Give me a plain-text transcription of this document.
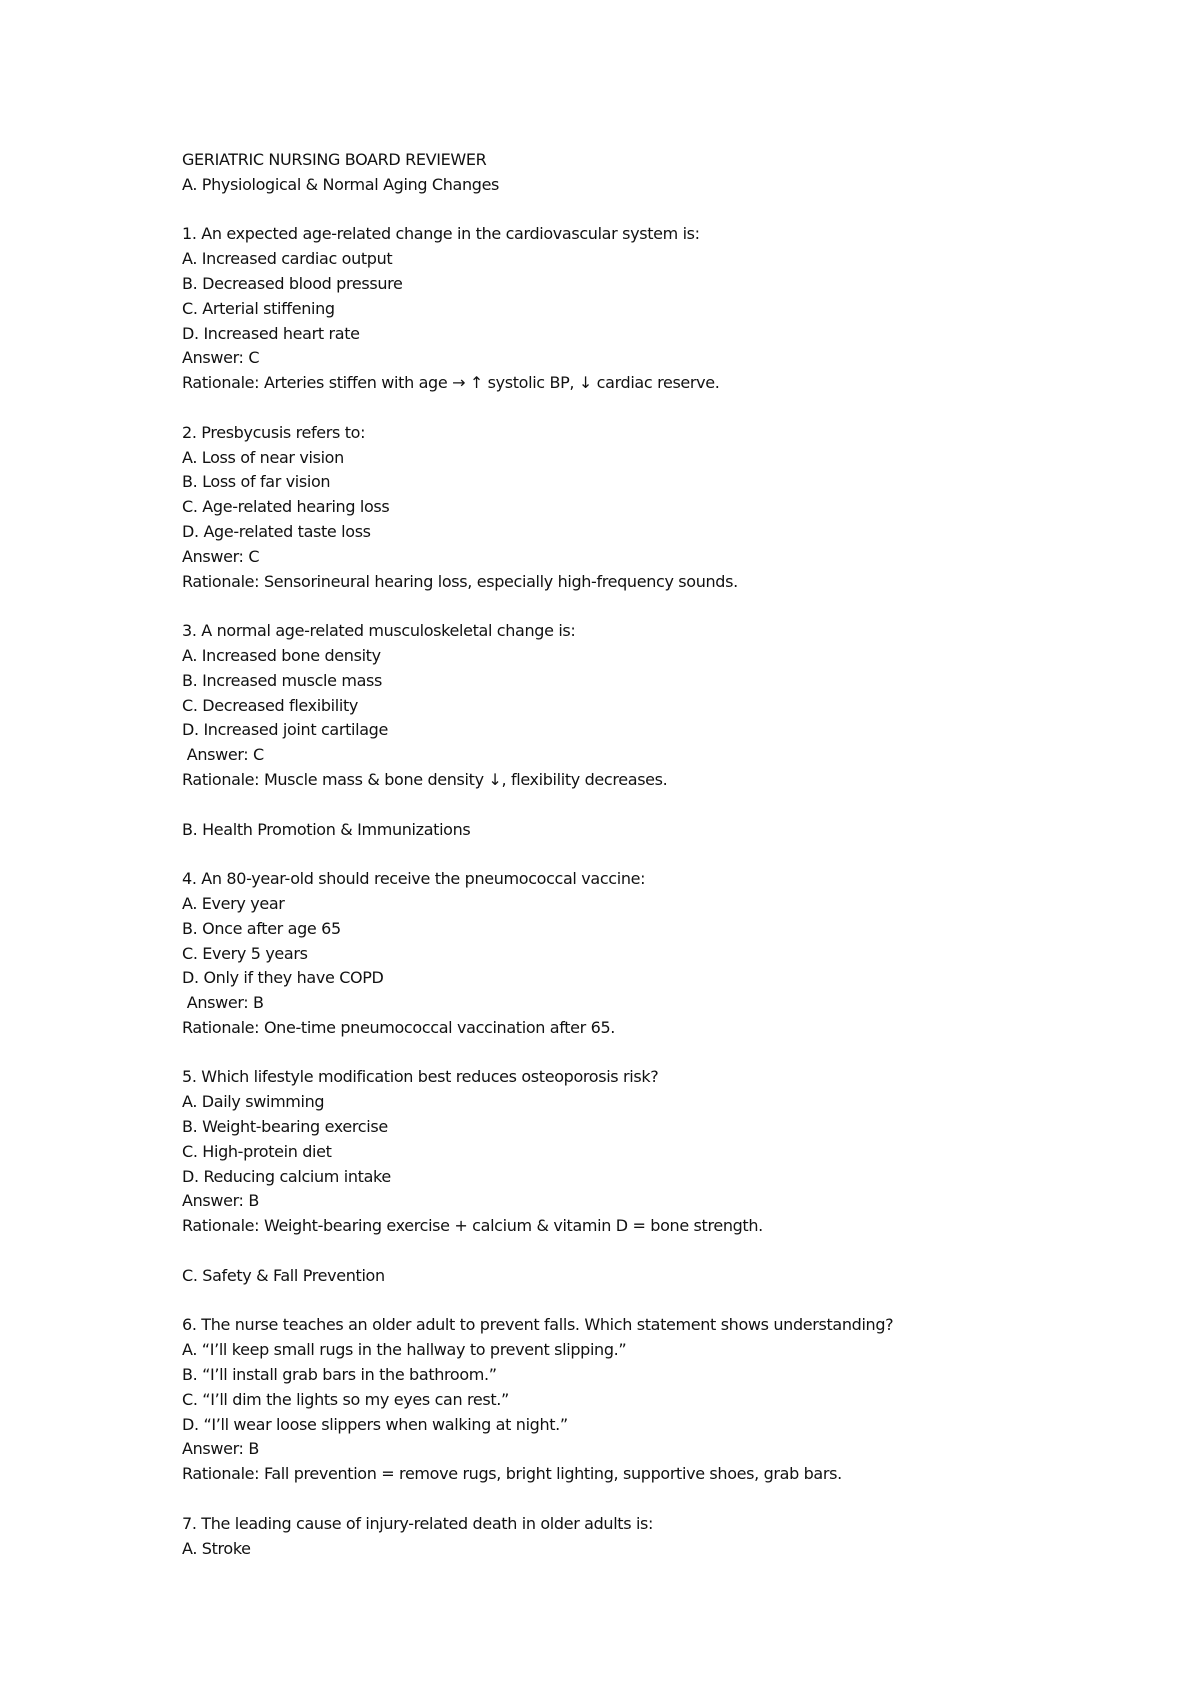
GERIATRIC NURSING BOARD REVIEWER
A. Physiological & Normal Aging Changes
1. An expected age-related change in the cardiovascular system is:
A. Increased cardiac output
B. Decreased blood pressure
C. Arterial stiffening
D. Increased heart rate
Answer: C
Rationale: Arteries stiffen with age → ↑ systolic BP, ↓ cardiac reserve.
2. Presbycusis refers to:
A. Loss of near vision
B. Loss of far vision
C. Age-related hearing loss
D. Age-related taste loss
Answer: C
Rationale: Sensorineural hearing loss, especially high-frequency sounds.
3. A normal age-related musculoskeletal change is:
A. Increased bone density
B. Increased muscle mass
C. Decreased flexibility
D. Increased joint cartilage
Answer: C
Rationale: Muscle mass & bone density ↓, flexibility decreases.
B. Health Promotion & Immunizations
4. An 80-year-old should receive the pneumococcal vaccine:
A. Every year
B. Once after age 65
C. Every 5 years
D. Only if they have COPD
Answer: B
Rationale: One-time pneumococcal vaccination after 65.
5. Which lifestyle modification best reduces osteoporosis risk?
A. Daily swimming
B. Weight-bearing exercise
C. High-protein diet
D. Reducing calcium intake
Answer: B
Rationale: Weight-bearing exercise + calcium & vitamin D = bone strength.
C. Safety & Fall Prevention
6. The nurse teaches an older adult to prevent falls. Which statement shows understanding?
A. “I’ll keep small rugs in the hallway to prevent slipping.”
B. “I’ll install grab bars in the bathroom.”
C. “I’ll dim the lights so my eyes can rest.”
D. “I’ll wear loose slippers when walking at night.”
Answer: B
Rationale: Fall prevention = remove rugs, bright lighting, supportive shoes, grab bars.
7. The leading cause of injury-related death in older adults is:
A. Stroke
